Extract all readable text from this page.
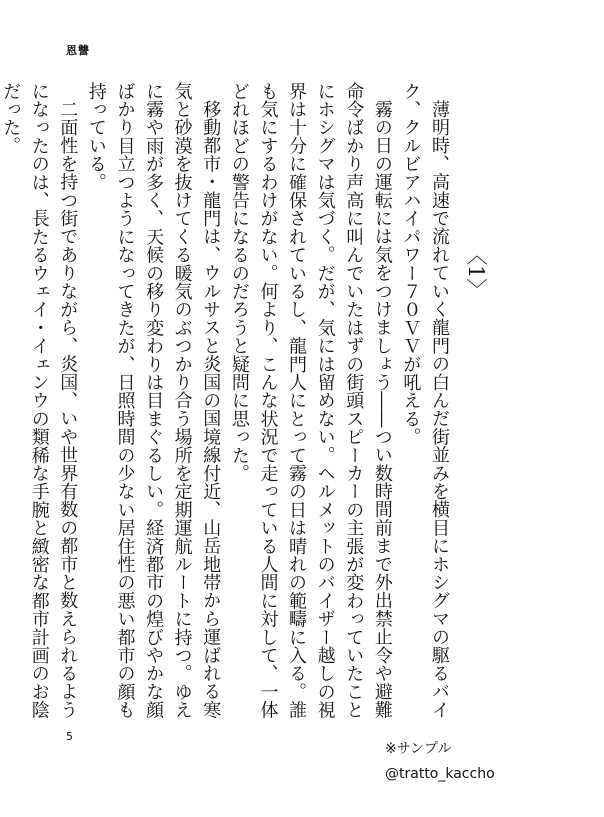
恩讐
〈1〉

薄明時、高速で流れていく龍門の白んだ街並みを横目にホシグマの駆るバイク、クルビアハイパワー７０ＶＶが吼える。

霧の日の運転には気をつけましょう――つい数時間前まで外出禁止令や避難命令ばかり声高に叫んでいたはずの街頭スピーカーの主張が変わっていたことにホシグマは気づく。だが、気には留めない。ヘルメットのバイザー越しの視界は十分に確保されているし、龍門人にとって霧の日は晴れの範疇に入る。誰も気にするわけがない。何より、こんな状況で走っている人間に対して、一体どれほどの警告になるのだろうと疑問に思った。

移動都市・龍門は、ウルサスと炎国の国境線付近、山岳地帯から運ばれる寒気と砂漠を抜けてくる暖気のぶつかり合う場所を定期運航ルートに持つ。ゆえに霧や雨が多く、天候の移り変わりは目まぐるしい。経済都市の煌びやかな顔ばかり目立つようになってきたが、日照時間の少ない居住性の悪い都市の顔も持っている。

二面性を持つ街でありながら、炎国、いや世界有数の都市と数えられるようになったのは、長たるウェイ・イェンウの類稀な手腕と緻密な都市計画のお陰だった。

5
※サンプル
@tratto_kaccho
